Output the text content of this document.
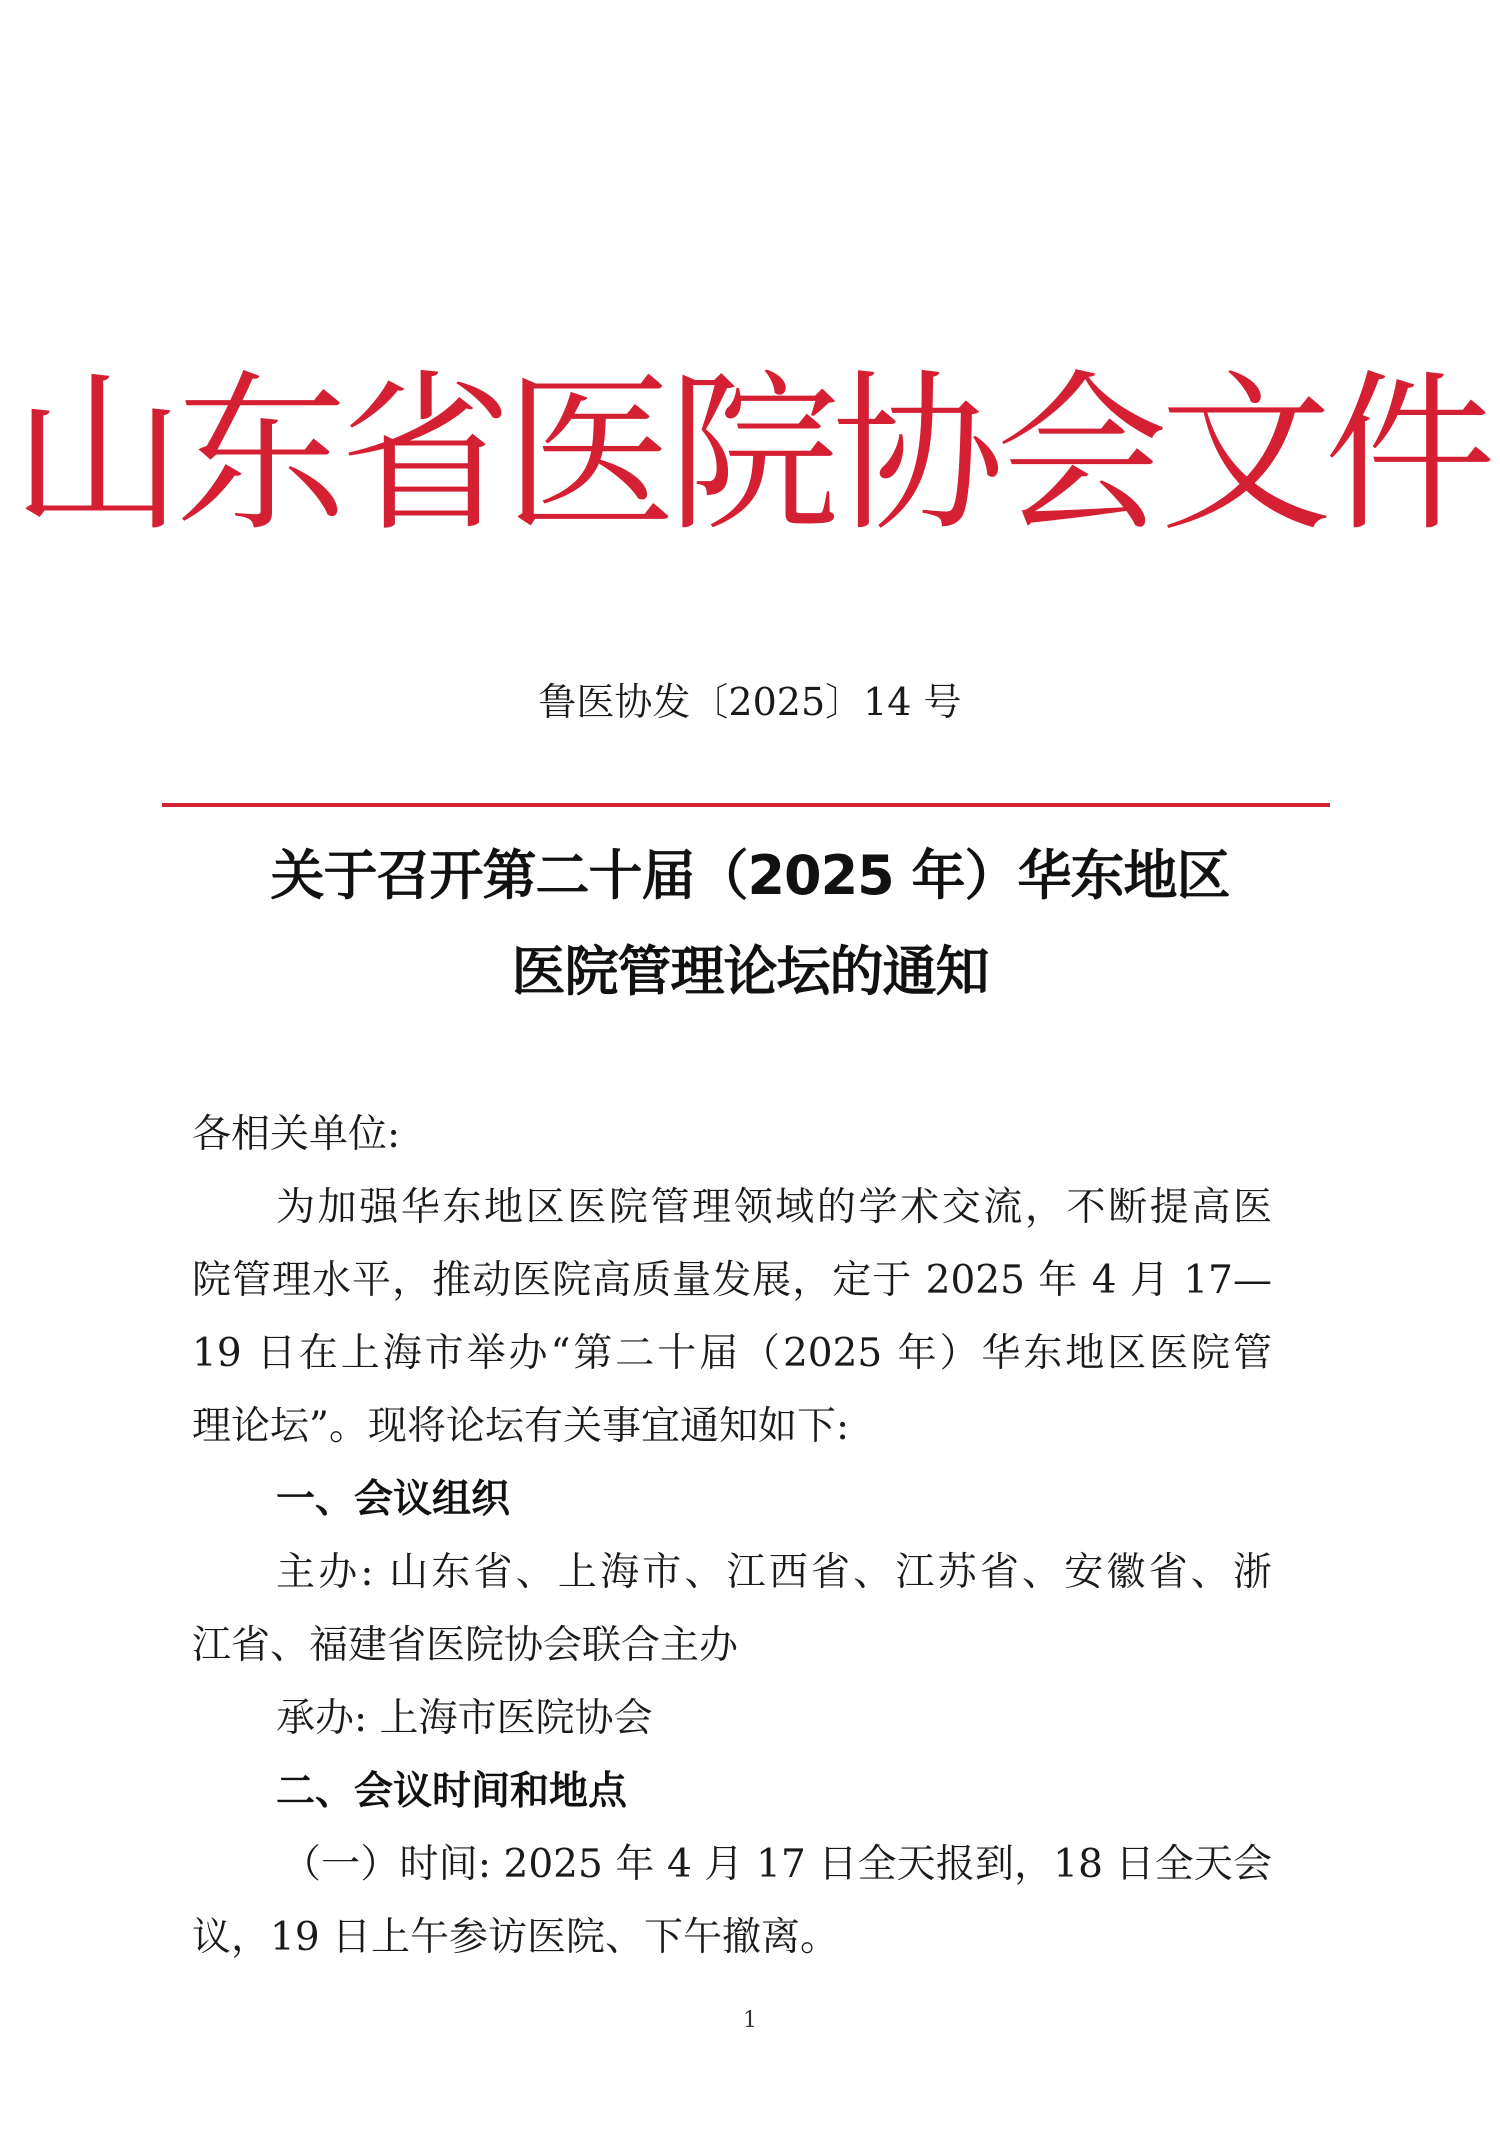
山东省医院协会文件
鲁医协发〔2025〕14 号
关于召开第二十届（2025 年）华东地区
医院管理论坛的通知
各相关单位:
为加强华东地区医院管理领域的学术交流，不断提高医
院管理水平，推动医院高质量发展，定于 2025 年 4 月 17—
19 日在上海市举办“第二十届（2025 年）华东地区医院管
理论坛”。现将论坛有关事宜通知如下:
一、会议组织
主办: 山东省、上海市、江西省、江苏省、安徽省、浙
江省、福建省医院协会联合主办
承办: 上海市医院协会
二、会议时间和地点
（一）时间: 2025 年 4 月 17 日全天报到，18 日全天会
议，19 日上午参访医院、下午撤离。
1
